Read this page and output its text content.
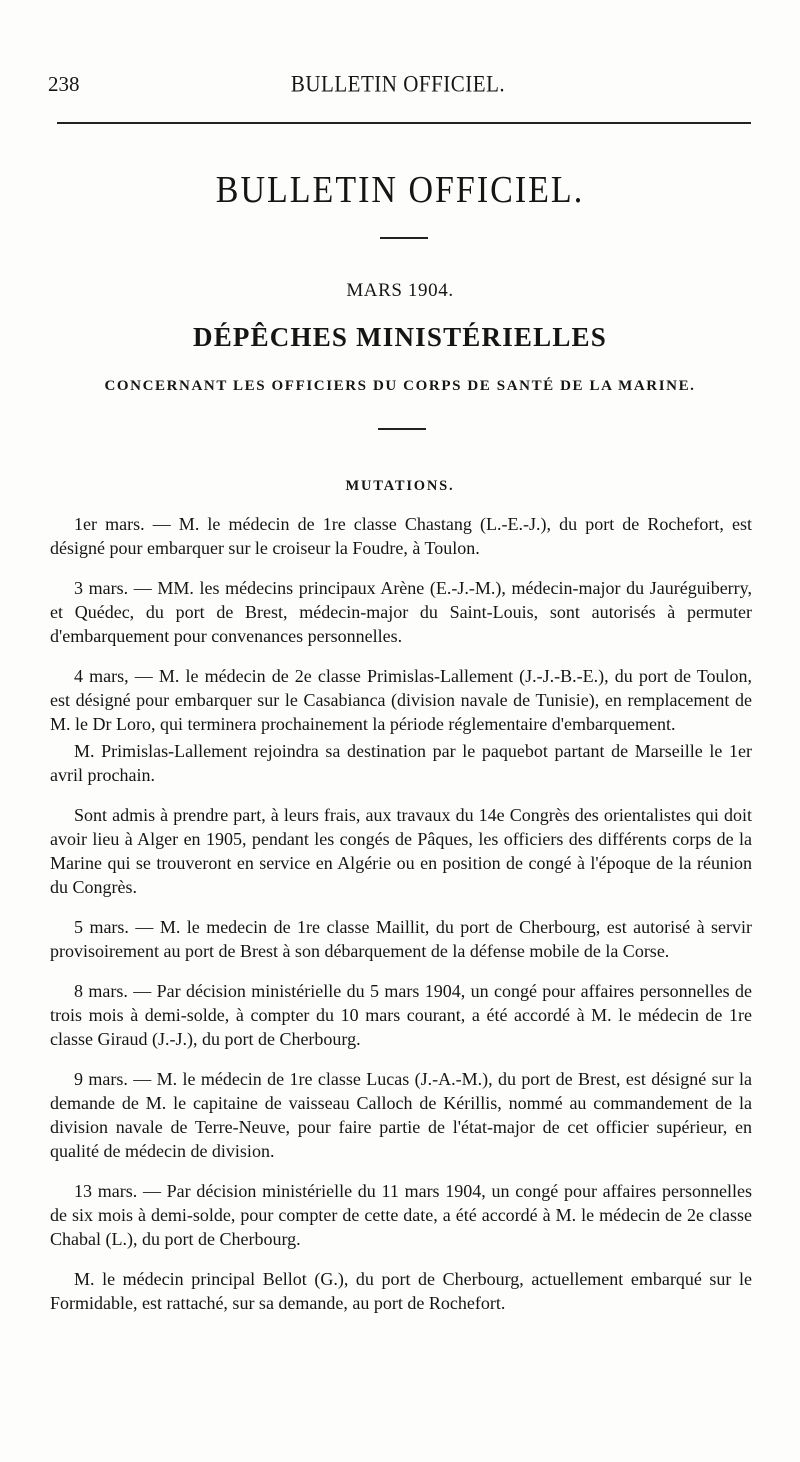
238	BULLETIN OFFICIEL.
BULLETIN OFFICIEL.
MARS 1904.
DÉPÊCHES MINISTÉRIELLES
CONCERNANT LES OFFICIERS DU CORPS DE SANTÉ DE LA MARINE.
MUTATIONS.

1er mars. — M. le médecin de 1re classe Chastang (L.-E.-J.), du port de Rochefort, est désigné pour embarquer sur le croiseur la Foudre, à Toulon.

3 mars. — MM. les médecins principaux Arène (E.-J.-M.), médecin-major du Jauréguiberry, et Quédec, du port de Brest, médecin-major du Saint-Louis, sont autorisés à permuter d'embarquement pour convenances personnelles.

4 mars, — M. le médecin de 2e classe Primislas-Lallement (J.-J.-B.-E.), du port de Toulon, est désigné pour embarquer sur le Casabianca (division navale de Tunisie), en remplacement de M. le Dr Loro, qui terminera prochainement la période réglementaire d'embarquement.

M. Primislas-Lallement rejoindra sa destination par le paquebot partant de Marseille le 1er avril prochain.

Sont admis à prendre part, à leurs frais, aux travaux du 14e Congrès des orientalistes qui doit avoir lieu à Alger en 1905, pendant les congés de Pâques, les officiers des différents corps de la Marine qui se trouveront en service en Algérie ou en position de congé à l'époque de la réunion du Congrès.

5 mars. — M. le medecin de 1re classe Maillit, du port de Cherbourg, est autorisé à servir provisoirement au port de Brest à son débarquement de la défense mobile de la Corse.

8 mars. — Par décision ministérielle du 5 mars 1904, un congé pour affaires personnelles de trois mois à demi-solde, à compter du 10 mars courant, a été accordé à M. le médecin de 1re classe Giraud (J.-J.), du port de Cherbourg.

9 mars. — M. le médecin de 1re classe Lucas (J.-A.-M.), du port de Brest, est désigné sur la demande de M. le capitaine de vaisseau Calloch de Kérillis, nommé au commandement de la division navale de Terre-Neuve, pour faire partie de l'état-major de cet officier supérieur, en qualité de médecin de division.

13 mars. — Par décision ministérielle du 11 mars 1904, un congé pour affaires personnelles de six mois à demi-solde, pour compter de cette date, a été accordé à M. le médecin de 2e classe Chabal (L.), du port de Cherbourg.

M. le médecin principal Bellot (G.), du port de Cherbourg, actuellement embarqué sur le Formidable, est rattaché, sur sa demande, au port de Rochefort.
